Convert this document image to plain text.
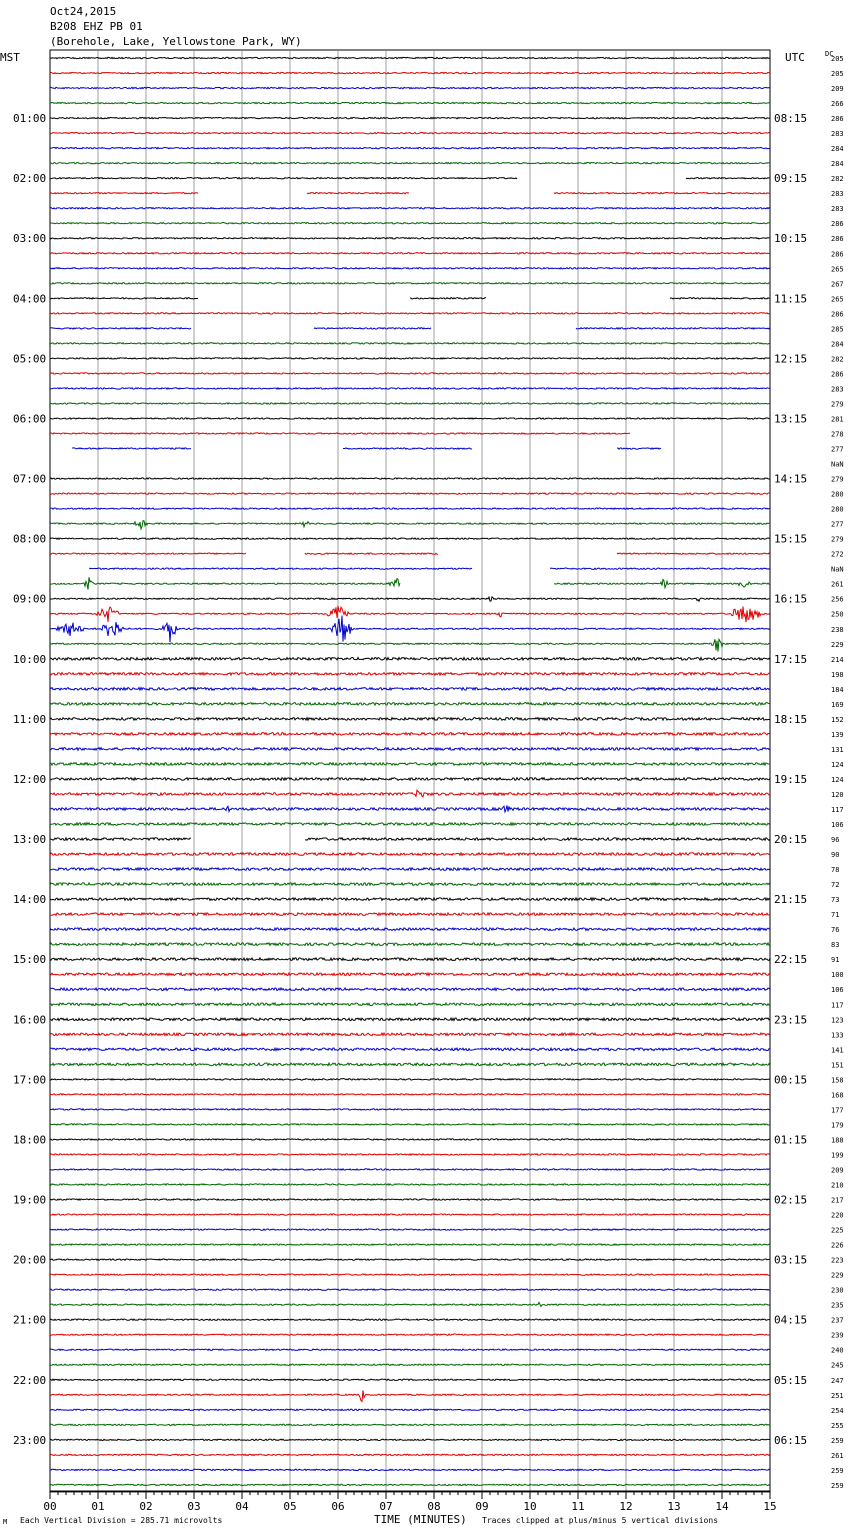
Oct24,2015
B208 EHZ PB 01
(Borehole, Lake, Yellowstone Park, WY)
205
205
209
266
286
283
284
284
282
283
283
286
286
286
265
267
265
286
285
284
282
286
283
279
281
278
277
NaN
279
280
280
277
279
272
NaN
261
256
250
238
229
214
198
184
169
152
139
131
124
124
120
117
106
96
90
78
72
73
71
76
83
91
100
106
117
123
133
141
151
158
168
177
179
188
199
209
210
217
220
225
226
223
229
230
235
237
239
240
245
247
251
254
255
259
261
259
259
01:00
02:00
03:00
04:00
05:00
06:00
07:00
08:00
09:00
10:00
11:00
12:00
13:00
14:00
15:00
16:00
17:00
18:00
19:00
20:00
21:00
22:00
23:00
08:15
09:15
10:15
11:15
12:15
13:15
14:15
15:15
16:15
17:15
18:15
19:15
20:15
21:15
22:15
23:15
00:15
01:15
02:15
03:15
04:15
05:15
06:15
00	01	02	03	04	05	06	07	08	09	10	11	12	13	14	15
MST	UTC	DC
M Each Vertical Division = 285.71 microvolts	TIME (MINUTES) Traces clipped at plus/minus 5 vertical divisions
